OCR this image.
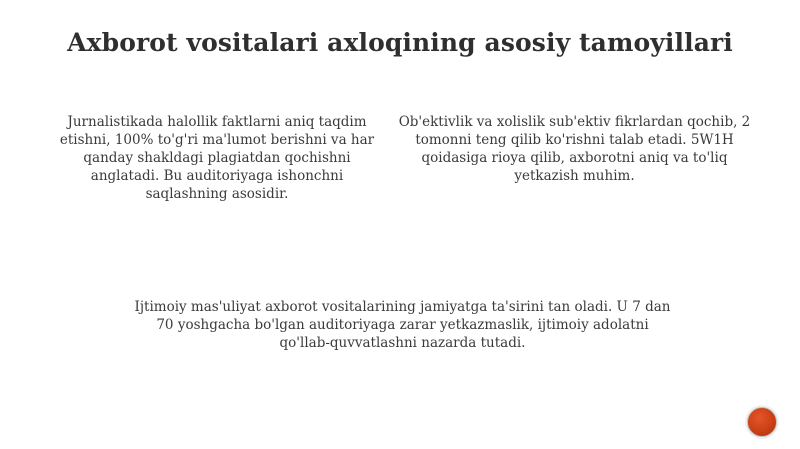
Axborot vositalari axloqining asosiy tamoyillari
Jurnalistikada halollik faktlarni aniq taqdim etishni, 100% to'g'ri ma'lumot berishni va har qanday shakldagi plagiatdan qochishni anglatadi. Bu auditoriyaga ishonchni saqlashning asosidir.
Ob'ektivlik va xolislik sub'ektiv fikrlardan qochib, 2 tomonni teng qilib ko'rishni talab etadi. 5W1H qoidasiga rioya qilib, axborotni aniq va to'liq yetkazish muhim.
Ijtimoiy mas'uliyat axborot vositalarining jamiyatga ta'sirini tan oladi. U 7 dan 70 yoshgacha bo'lgan auditoriyaga zarar yetkazmaslik, ijtimoiy adolatni qo'llab-quvvatlashni nazarda tutadi.
